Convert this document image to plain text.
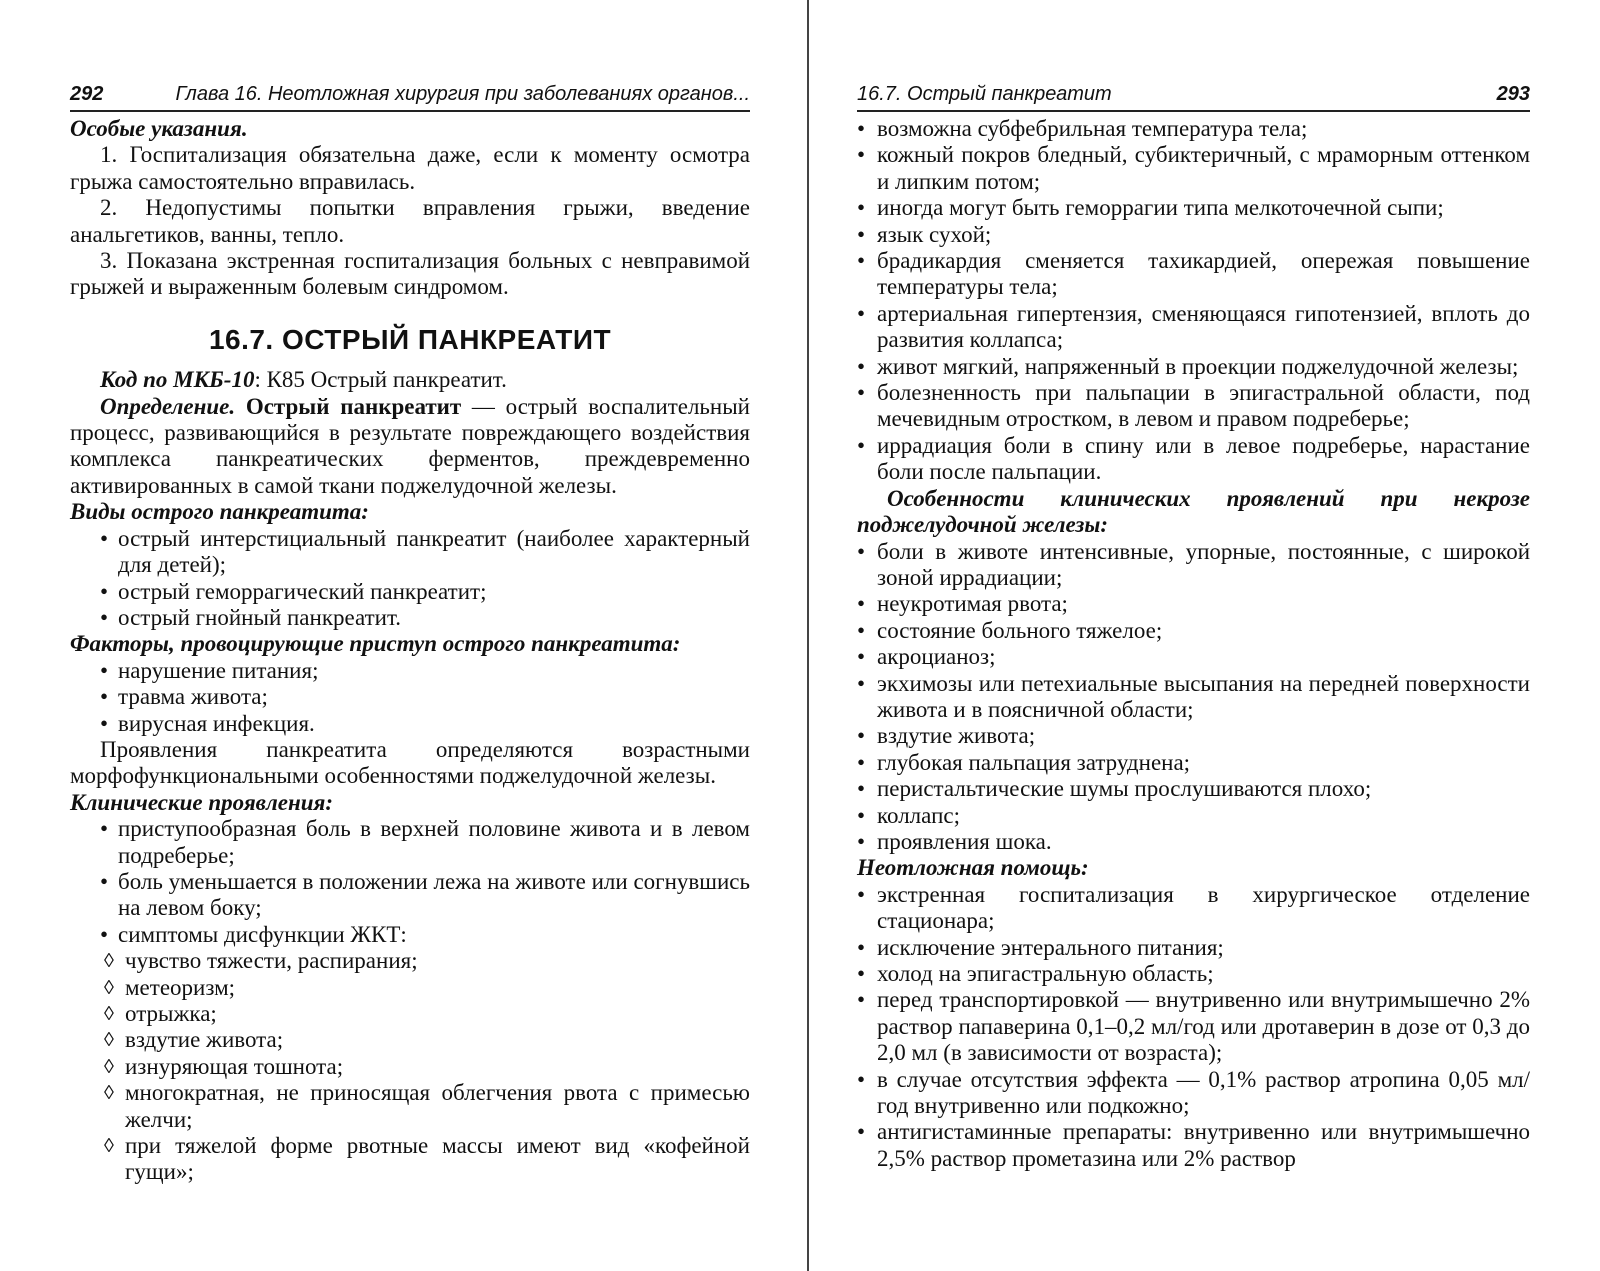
292	Глава 16. Неотложная хирургия при заболеваниях органов...

Особые указания.

1. Госпитализация обязательна даже, если к моменту осмотра грыжа самостоятельно вправилась.

2. Недопустимы попытки вправления грыжи, введение анальгетиков, ванны, тепло.

3. Показана экстренная госпитализация больных с невправимой грыжей и выраженным болевым синдромом.

16.7. ОСТРЫЙ ПАНКРЕАТИТ

Код по МКБ-10: К85 Острый панкреатит.

Определение. Острый панкреатит — острый воспалительный процесс, развивающийся в результате повреждающего воздействия комплекса панкреатических ферментов, преждевременно активированных в самой ткани поджелудочной железы.

Виды острого панкреатита:

• острый интерстициальный панкреатит (наиболее характерный для детей);
• острый геморрагический панкреатит;
• острый гнойный панкреатит.

Факторы, провоцирующие приступ острого панкреатита:

• нарушение питания;
• травма живота;
• вирусная инфекция.

Проявления панкреатита определяются возрастными морфофункциональными особенностями поджелудочной железы.

Клинические проявления:

• приступообразная боль в верхней половине живота и в левом подреберье;
• боль уменьшается в положении лежа на животе или согнувшись на левом боку;
• симптомы дисфункции ЖКТ:
◊ чувство тяжести, распирания;
◊ метеоризм;
◊ отрыжка;
◊ вздутие живота;
◊ изнуряющая тошнота;
◊ многократная, не приносящая облегчения рвота с примесью желчи;
◊ при тяжелой форме рвотные массы имеют вид «кофейной гущи»;
16.7. Острый панкреатит	293
• возможна субфебрильная температура тела;
• кожный покров бледный, субиктеричный, с мраморным оттенком и липким потом;
• иногда могут быть геморрагии типа мелкоточечной сыпи;
• язык сухой;
• брадикардия сменяется тахикардией, опережая повышение температуры тела;
• артериальная гипертензия, сменяющаяся гипотензией, вплоть до развития коллапса;
• живот мягкий, напряженный в проекции поджелудочной железы;
• болезненность при пальпации в эпигастральной области, под мечевидным отростком, в левом и правом подреберье;
• иррадиация боли в спину или в левое подреберье, нарастание боли после пальпации.

Особенности клинических проявлений при некрозе поджелудочной железы:

• боли в животе интенсивные, упорные, постоянные, с широкой зоной иррадиации;
• неукротимая рвота;
• состояние больного тяжелое;
• акроцианоз;
• экхимозы или петехиальные высыпания на передней поверхности живота и в поясничной области;
• вздутие живота;
• глубокая пальпация затруднена;
• перистальтические шумы прослушиваются плохо;
• коллапс;
• проявления шока.

Неотложная помощь:

• экстренная госпитализация в хирургическое отделение стационара;
• исключение энтерального питания;
• холод на эпигастральную область;
• перед транспортировкой — внутривенно или внутримышечно 2% раствор папаверина 0,1–0,2 мл/год или дротаверин в дозе от 0,3 до 2,0 мл (в зависимости от возраста);
• в случае отсутствия эффекта — 0,1% раствор атропина 0,05 мл/год внутривенно или подкожно;
• антигистаминные препараты: внутривенно или внутримышечно 2,5% раствор прометазина или 2% раствор
